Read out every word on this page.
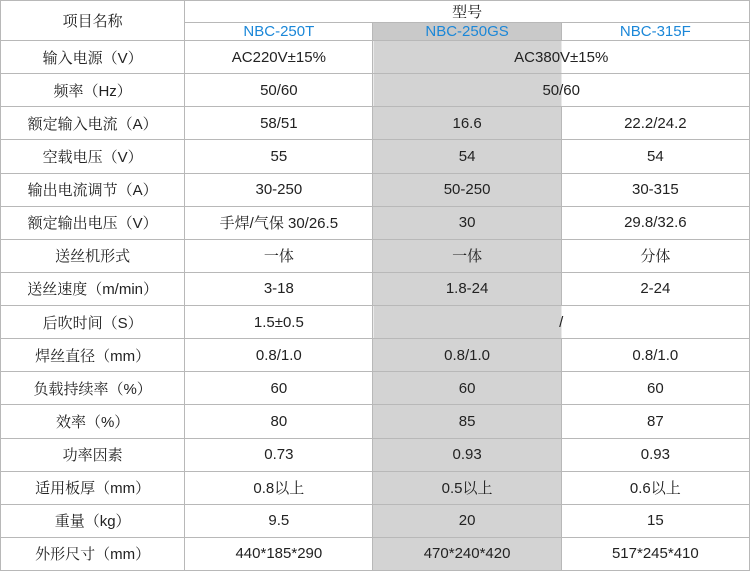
项目名称	型号		
	NBC-250T	NBC-250GS	NBC-315F
输入电源（V）	AC220V±15%	AC380V±15%	
频率（Hz）	50/60	50/60	
额定输入电流（A）	58/51	16.6	22.2/24.2
空载电压（V）	55	54	54
输出电流调节（A）	30-250	50-250	30-315
额定输出电压（V）	手焊/气保 30/26.5	30	29.8/32.6
送丝机形式	一体	一体	分体
送丝速度（m/min）	3-18	1.8-24	2-24
后吹时间（S）	1.5±0.5	/	
焊丝直径（mm）	0.8/1.0	0.8/1.0	0.8/1.0
负载持续率（%）	60	60	60
效率（%）	80	85	87
功率因素	0.73	0.93	0.93
适用板厚（mm）	0.8以上	0.5以上	0.6以上
重量（kg）	9.5	20	15
外形尺寸（mm）	440*185*290	470*240*420	517*245*410
